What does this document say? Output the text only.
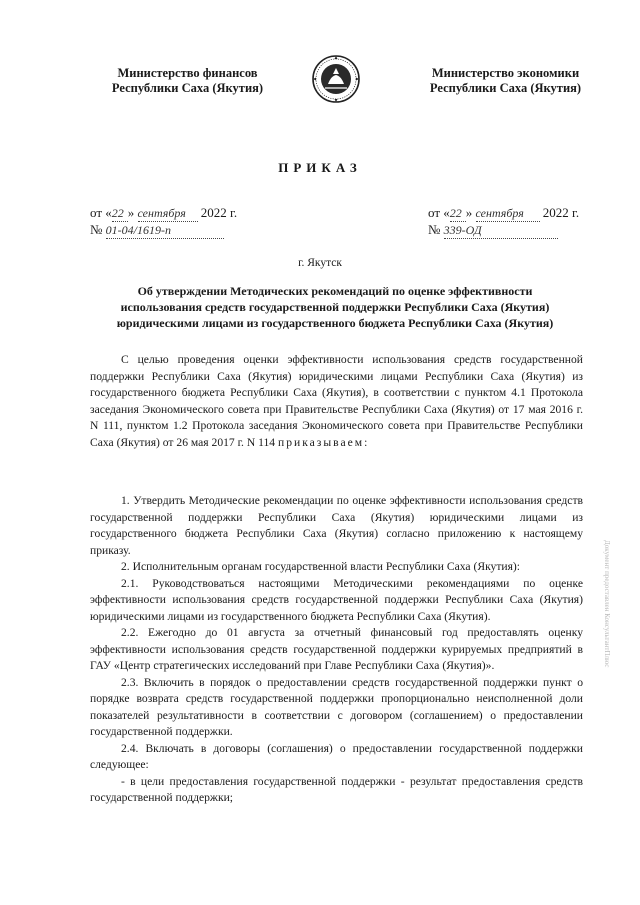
Министерство финансов
Республики Саха (Якутия)
Министерство экономики
Республики Саха (Якутия)
ПРИКАЗ
от «22 » сентября 2022 г.
№ 01-04/1619-п
от «22 » сентября 2022 г.
№ 339-ОД
г. Якутск
Об утверждении Методических рекомендаций по оценке эффективности использования средств государственной поддержки Республики Саха (Якутия) юридическими лицами из государственного бюджета Республики Саха (Якутия)

С целью проведения оценки эффективности использования средств государственной поддержки Республики Саха (Якутия) юридическими лицами Республики Саха (Якутия) из государственного бюджета Республики Саха (Якутия), в соответствии с пунктом 4.1 Протокола заседания Экономического совета при Правительстве Республики Саха (Якутия) от 17 мая 2016 г. N 111, пунктом 1.2 Протокола заседания Экономического совета при Правительстве Республики Саха (Якутия) от 26 мая 2017 г. N 114 приказываем:

1. Утвердить Методические рекомендации по оценке эффективности использования средств государственной поддержки Республики Саха (Якутия) юридическими лицами из государственного бюджета Республики Саха (Якутия) согласно приложению к настоящему приказу.

2. Исполнительным органам государственной власти Республики Саха (Якутия):

2.1. Руководствоваться настоящими Методическими рекомендациями по оценке эффективности использования средств государственной поддержки Республики Саха (Якутия) юридическими лицами из государственного бюджета Республики Саха (Якутия).

2.2. Ежегодно до 01 августа за отчетный финансовый год предоставлять оценку эффективности использования средств государственной поддержки курируемых предприятий в ГАУ «Центр стратегических исследований при Главе Республики Саха (Якутия)».

2.3. Включить в порядок о предоставлении средств государственной поддержки пункт о порядке возврата средств государственной поддержки пропорционально неисполненной доли показателей результативности в соответствии с договором (соглашением) о предоставлении государственной поддержки.

2.4. Включать в договоры (соглашения) о предоставлении государственной поддержки следующее:

- в цели предоставления государственной поддержки - результат предоставления средств государственной поддержки;

Документ предоставлен КонсультантПлюс
